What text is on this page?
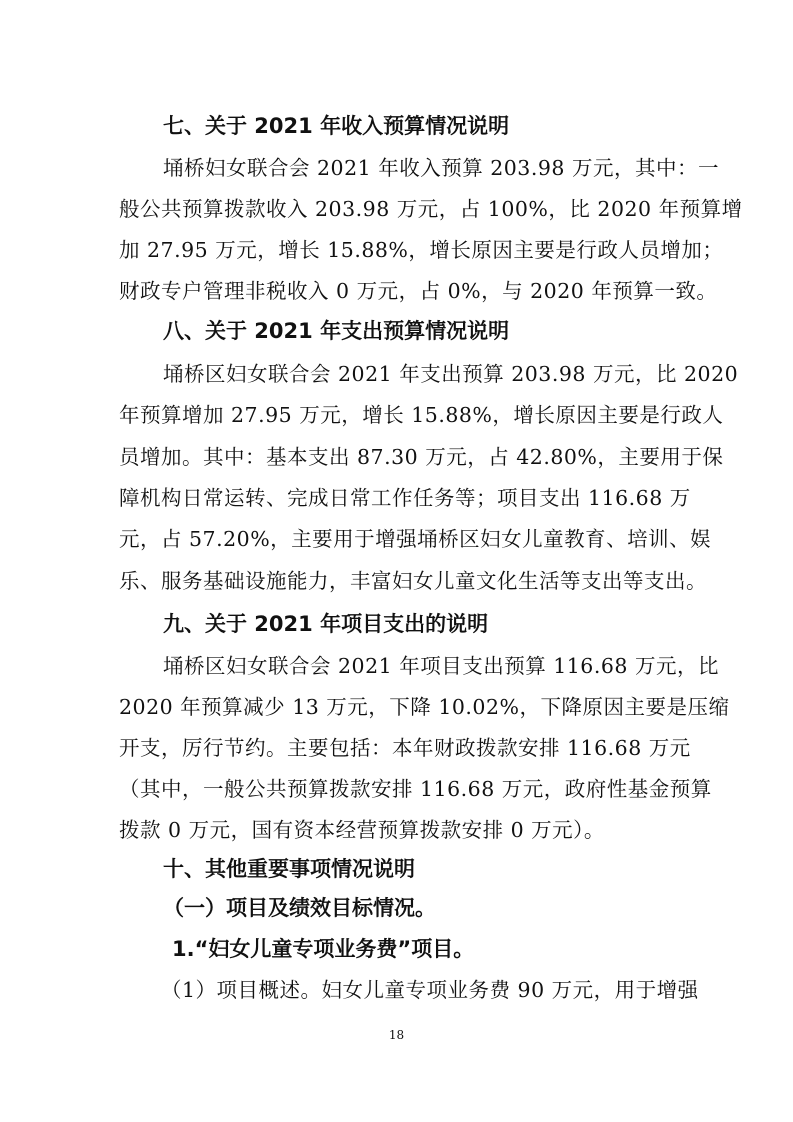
七、关于 2021 年收入预算情况说明
埇桥妇女联合会 2021 年收入预算 203.98 万元，其中：一
般公共预算拨款收入 203.98 万元，占 100%，比 2020 年预算增
加 27.95 万元，增长 15.88%，增长原因主要是行政人员增加；
财政专户管理非税收入 0 万元，占 0%，与 2020 年预算一致。
八、关于 2021 年支出预算情况说明
埇桥区妇女联合会 2021 年支出预算 203.98 万元，比 2020
年预算增加 27.95 万元，增长 15.88%，增长原因主要是行政人
员增加。其中：基本支出 87.30 万元，占 42.80%，主要用于保
障机构日常运转、完成日常工作任务等；项目支出 116.68 万
元，占 57.20%，主要用于增强埇桥区妇女儿童教育、培训、娱
乐、服务基础设施能力，丰富妇女儿童文化生活等支出等支出。
九、关于 2021 年项目支出的说明
埇桥区妇女联合会 2021 年项目支出预算 116.68 万元，比
2020 年预算减少 13 万元，下降 10.02%，下降原因主要是压缩
开支，厉行节约。主要包括：本年财政拨款安排 116.68 万元
（其中，一般公共预算拨款安排 116.68 万元，政府性基金预算
拨款 0 万元，国有资本经营预算拨款安排 0 万元）。
十、其他重要事项情况说明
（一）项目及绩效目标情况。
1.“妇女儿童专项业务费”项目。
（1）项目概述。妇女儿童专项业务费 90 万元，用于增强
18
